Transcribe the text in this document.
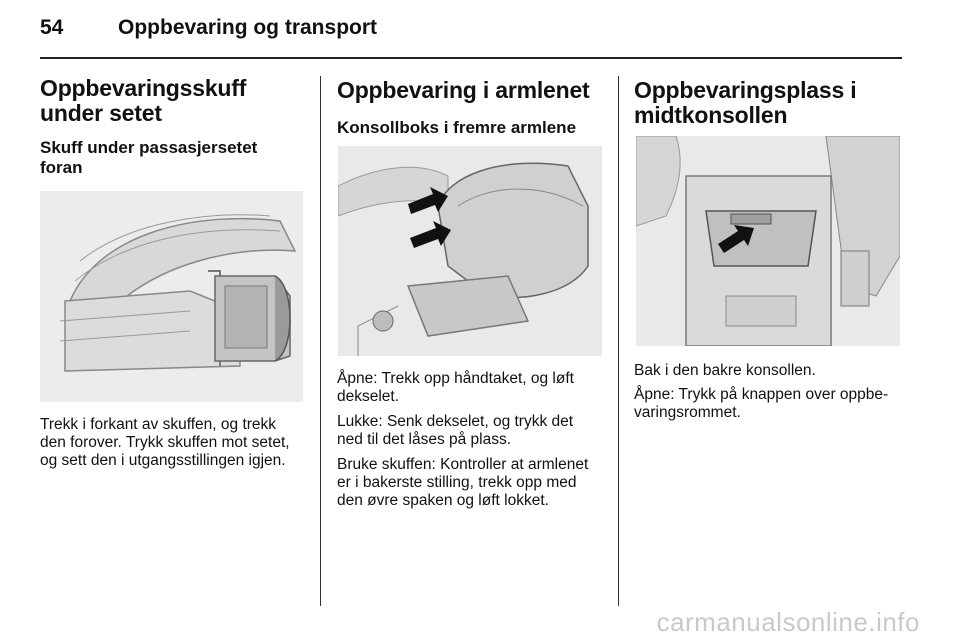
54	Oppbevaring og transport
Oppbevaringsskuff under setet
Skuff under passasjersetet foran

Trekk i forkant av skuffen, og trekk den forover. Trykk skuffen mot setet, og sett den i utgangsstillingen igjen.

Oppbevaring i armlenet
Konsollboks i fremre armlene

Åpne: Trekk opp håndtaket, og løft dekselet.

Lukke: Senk dekselet, og trykk det ned til det låses på plass.

Bruke skuffen: Kontroller at armlenet er i bakerste stilling, trekk opp med den øvre spaken og løft lokket.

Oppbevaringsplass i midtkonsollen

Bak i den bakre konsollen.

Åpne: Trykk på knappen over oppbe-varingsrommet.

carmanualsonline.info
